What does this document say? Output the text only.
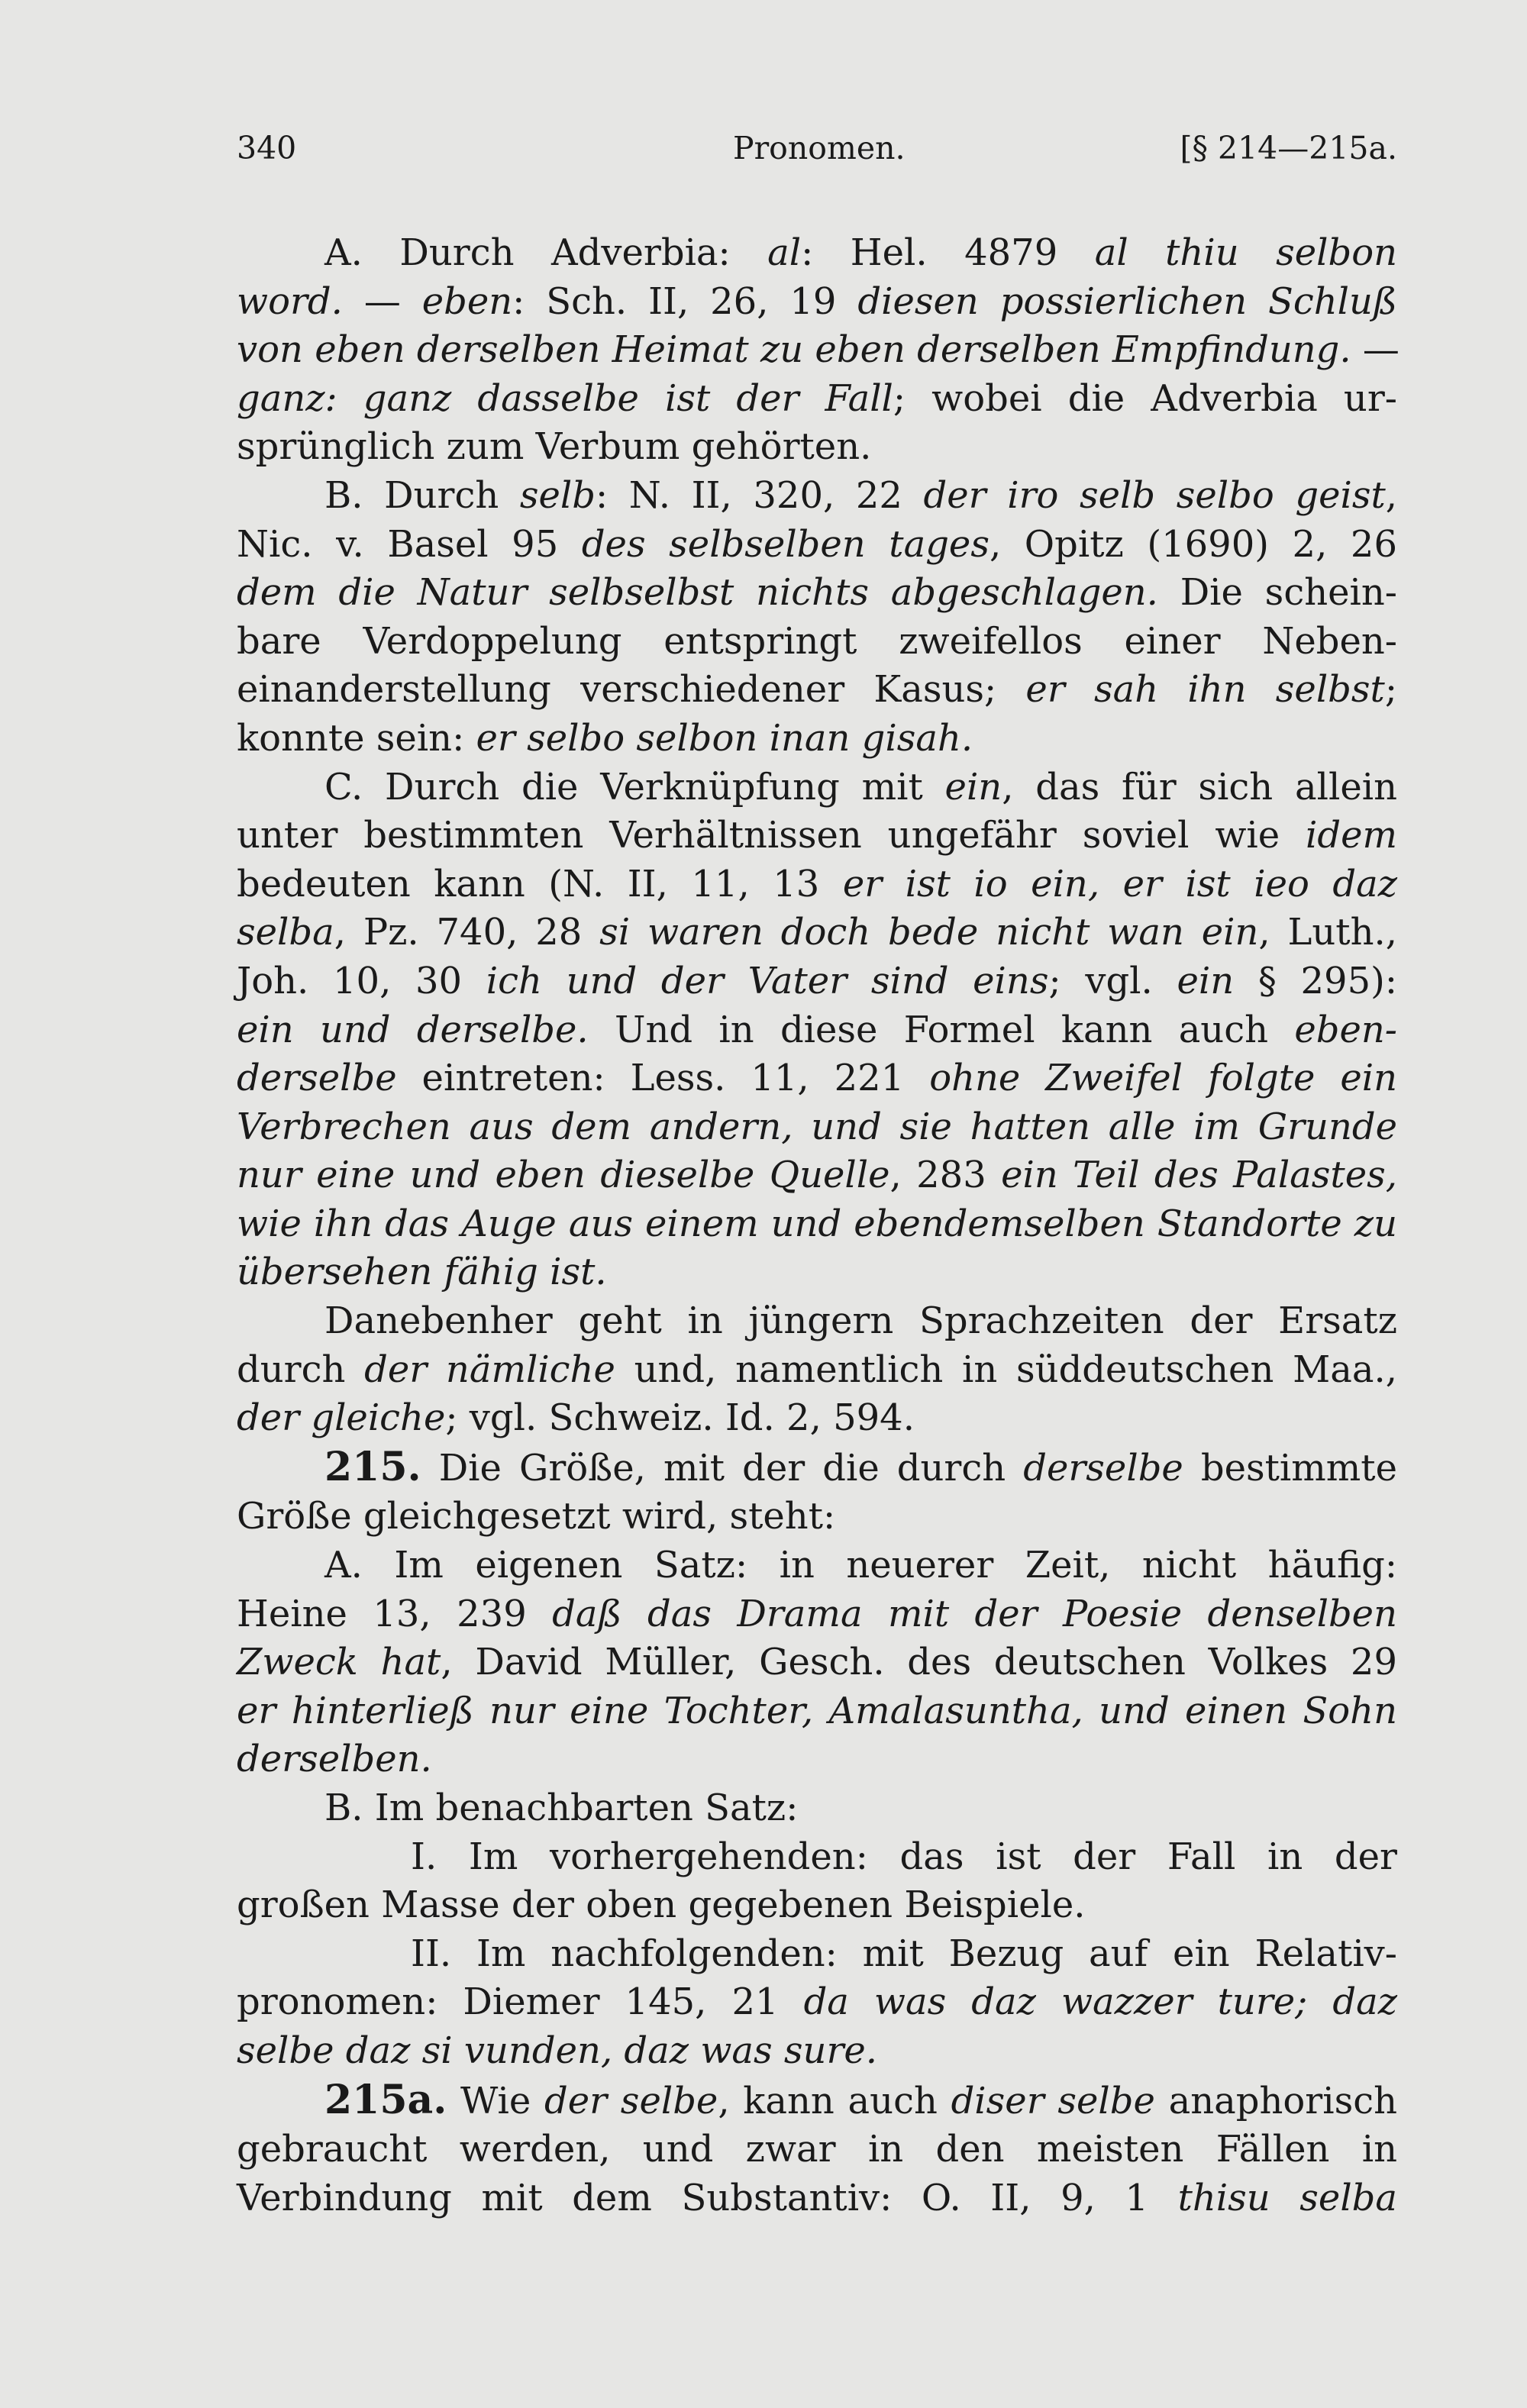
340	Pronomen.	[§ 214—215a.
A. Durch Adverbia: al: Hel. 4879 al thiu selbon
word. — eben: Sch. II, 26, 19 diesen possierlichen Schluß
von eben derselben Heimat zu eben derselben Empfindung. —
ganz: ganz dasselbe ist der Fall; wobei die Adverbia ur-
sprünglich zum Verbum gehörten.
B. Durch selb: N. II, 320, 22 der iro selb selbo geist,
Nic. v. Basel 95 des selbselben tages, Opitz (1690) 2, 26
dem die Natur selbselbst nichts abgeschlagen. Die schein-
bare Verdoppelung entspringt zweifellos einer Neben-
einanderstellung verschiedener Kasus; er sah ihn selbst;
konnte sein: er selbo selbon inan gisah.
C. Durch die Verknüpfung mit ein, das für sich allein
unter bestimmten Verhältnissen ungefähr soviel wie idem
bedeuten kann (N. II, 11, 13 er ist io ein, er ist ieo daz
selba, Pz. 740, 28 si waren doch bede nicht wan ein, Luth.,
Joh. 10, 30 ich und der Vater sind eins; vgl. ein § 295):
ein und derselbe. Und in diese Formel kann auch eben-
derselbe eintreten: Less. 11, 221 ohne Zweifel folgte ein
Verbrechen aus dem andern, und sie hatten alle im Grunde
nur eine und eben dieselbe Quelle, 283 ein Teil des Palastes,
wie ihn das Auge aus einem und ebendemselben Standorte zu
übersehen fähig ist.
Danebenher geht in jüngern Sprachzeiten der Ersatz
durch der nämliche und, namentlich in süddeutschen Maa.,
der gleiche; vgl. Schweiz. Id. 2, 594.
215. Die Größe, mit der die durch derselbe bestimmte
Größe gleichgesetzt wird, steht:
A. Im eigenen Satz: in neuerer Zeit, nicht häufig:
Heine 13, 239 daß das Drama mit der Poesie denselben
Zweck hat, David Müller, Gesch. des deutschen Volkes 29
er hinterließ nur eine Tochter, Amalasuntha, und einen Sohn
derselben.
B. Im benachbarten Satz:
I. Im vorhergehenden: das ist der Fall in der
großen Masse der oben gegebenen Beispiele.
II. Im nachfolgenden: mit Bezug auf ein Relativ-
pronomen: Diemer 145, 21 da was daz wazzer ture; daz
selbe daz si vunden, daz was sure.
215a. Wie der selbe, kann auch diser selbe anaphorisch
gebraucht werden, und zwar in den meisten Fällen in
Verbindung mit dem Substantiv: O. II, 9, 1 thisu selba
